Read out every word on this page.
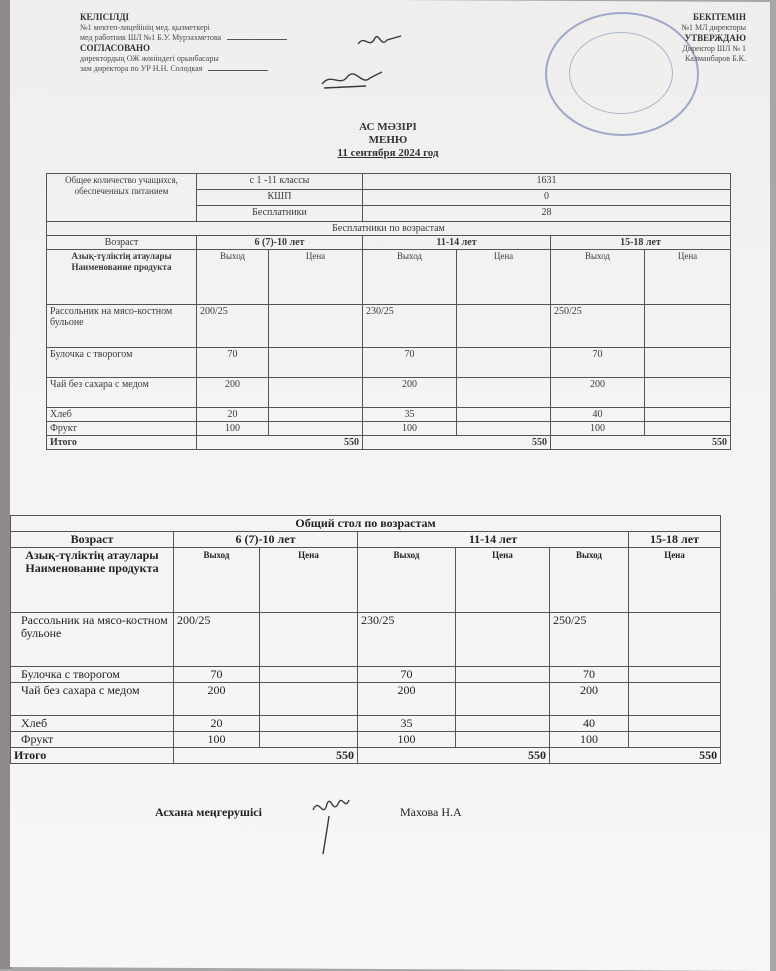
КЕЛІСІЛДІ
№1 мектеп-лицейінің мед. қызметкері
мед работник ШЛ №1 Б.У. Мурзахметова
СОГЛАСОВАНО
директордың ОЖ жөніндегі орынбасары
зам директора по УР Н.Н. Солодкая
БЕКІТЕМІН
№1 МЛ директоры
УТВЕРЖДАЮ
Директор ШЛ № 1
Калманбаров Б.К.
АС МӘЗІРІ
МЕНЮ
11 сентября 2024 год
Общее количество учащихся, обеспеченных питанием	с 1 -11 классы		1631			
	КШП		0			
	Бесплатники		28			
Бесплатники по возрастам						
Возраст	6 (7)-10 лет		11-14 лет		15-18 лет	
Азық-түліктің атаулары Наименование продукта	Выход	Цена	Выход	Цена	Выход	Цена
Рассольник на мясо-костном бульоне	200/25		230/25		250/25	
Булочка с творогом	70		70		70	
Чай без сахара с медом	200		200		200	
Хлеб	20		35		40	
Фрукт	100		100		100	
Итого	550		550		550	
Общий стол по возрастам						
Возраст	6 (7)-10 лет		11-14 лет			15-18 лет
Азық-түліктің атаулары Наименование продукта	Выход	Цена	Выход	Цена	Выход	Цена
Рассольник на мясо-костном бульоне	200/25		230/25		250/25	
Булочка с творогом	70		70		70	
Чай без сахара с медом	200		200		200	
Хлеб	20		35		40	
Фрукт	100		100		100	
Итого	550		550		550	
Асхана меңгерушісі	Махова Н.А
